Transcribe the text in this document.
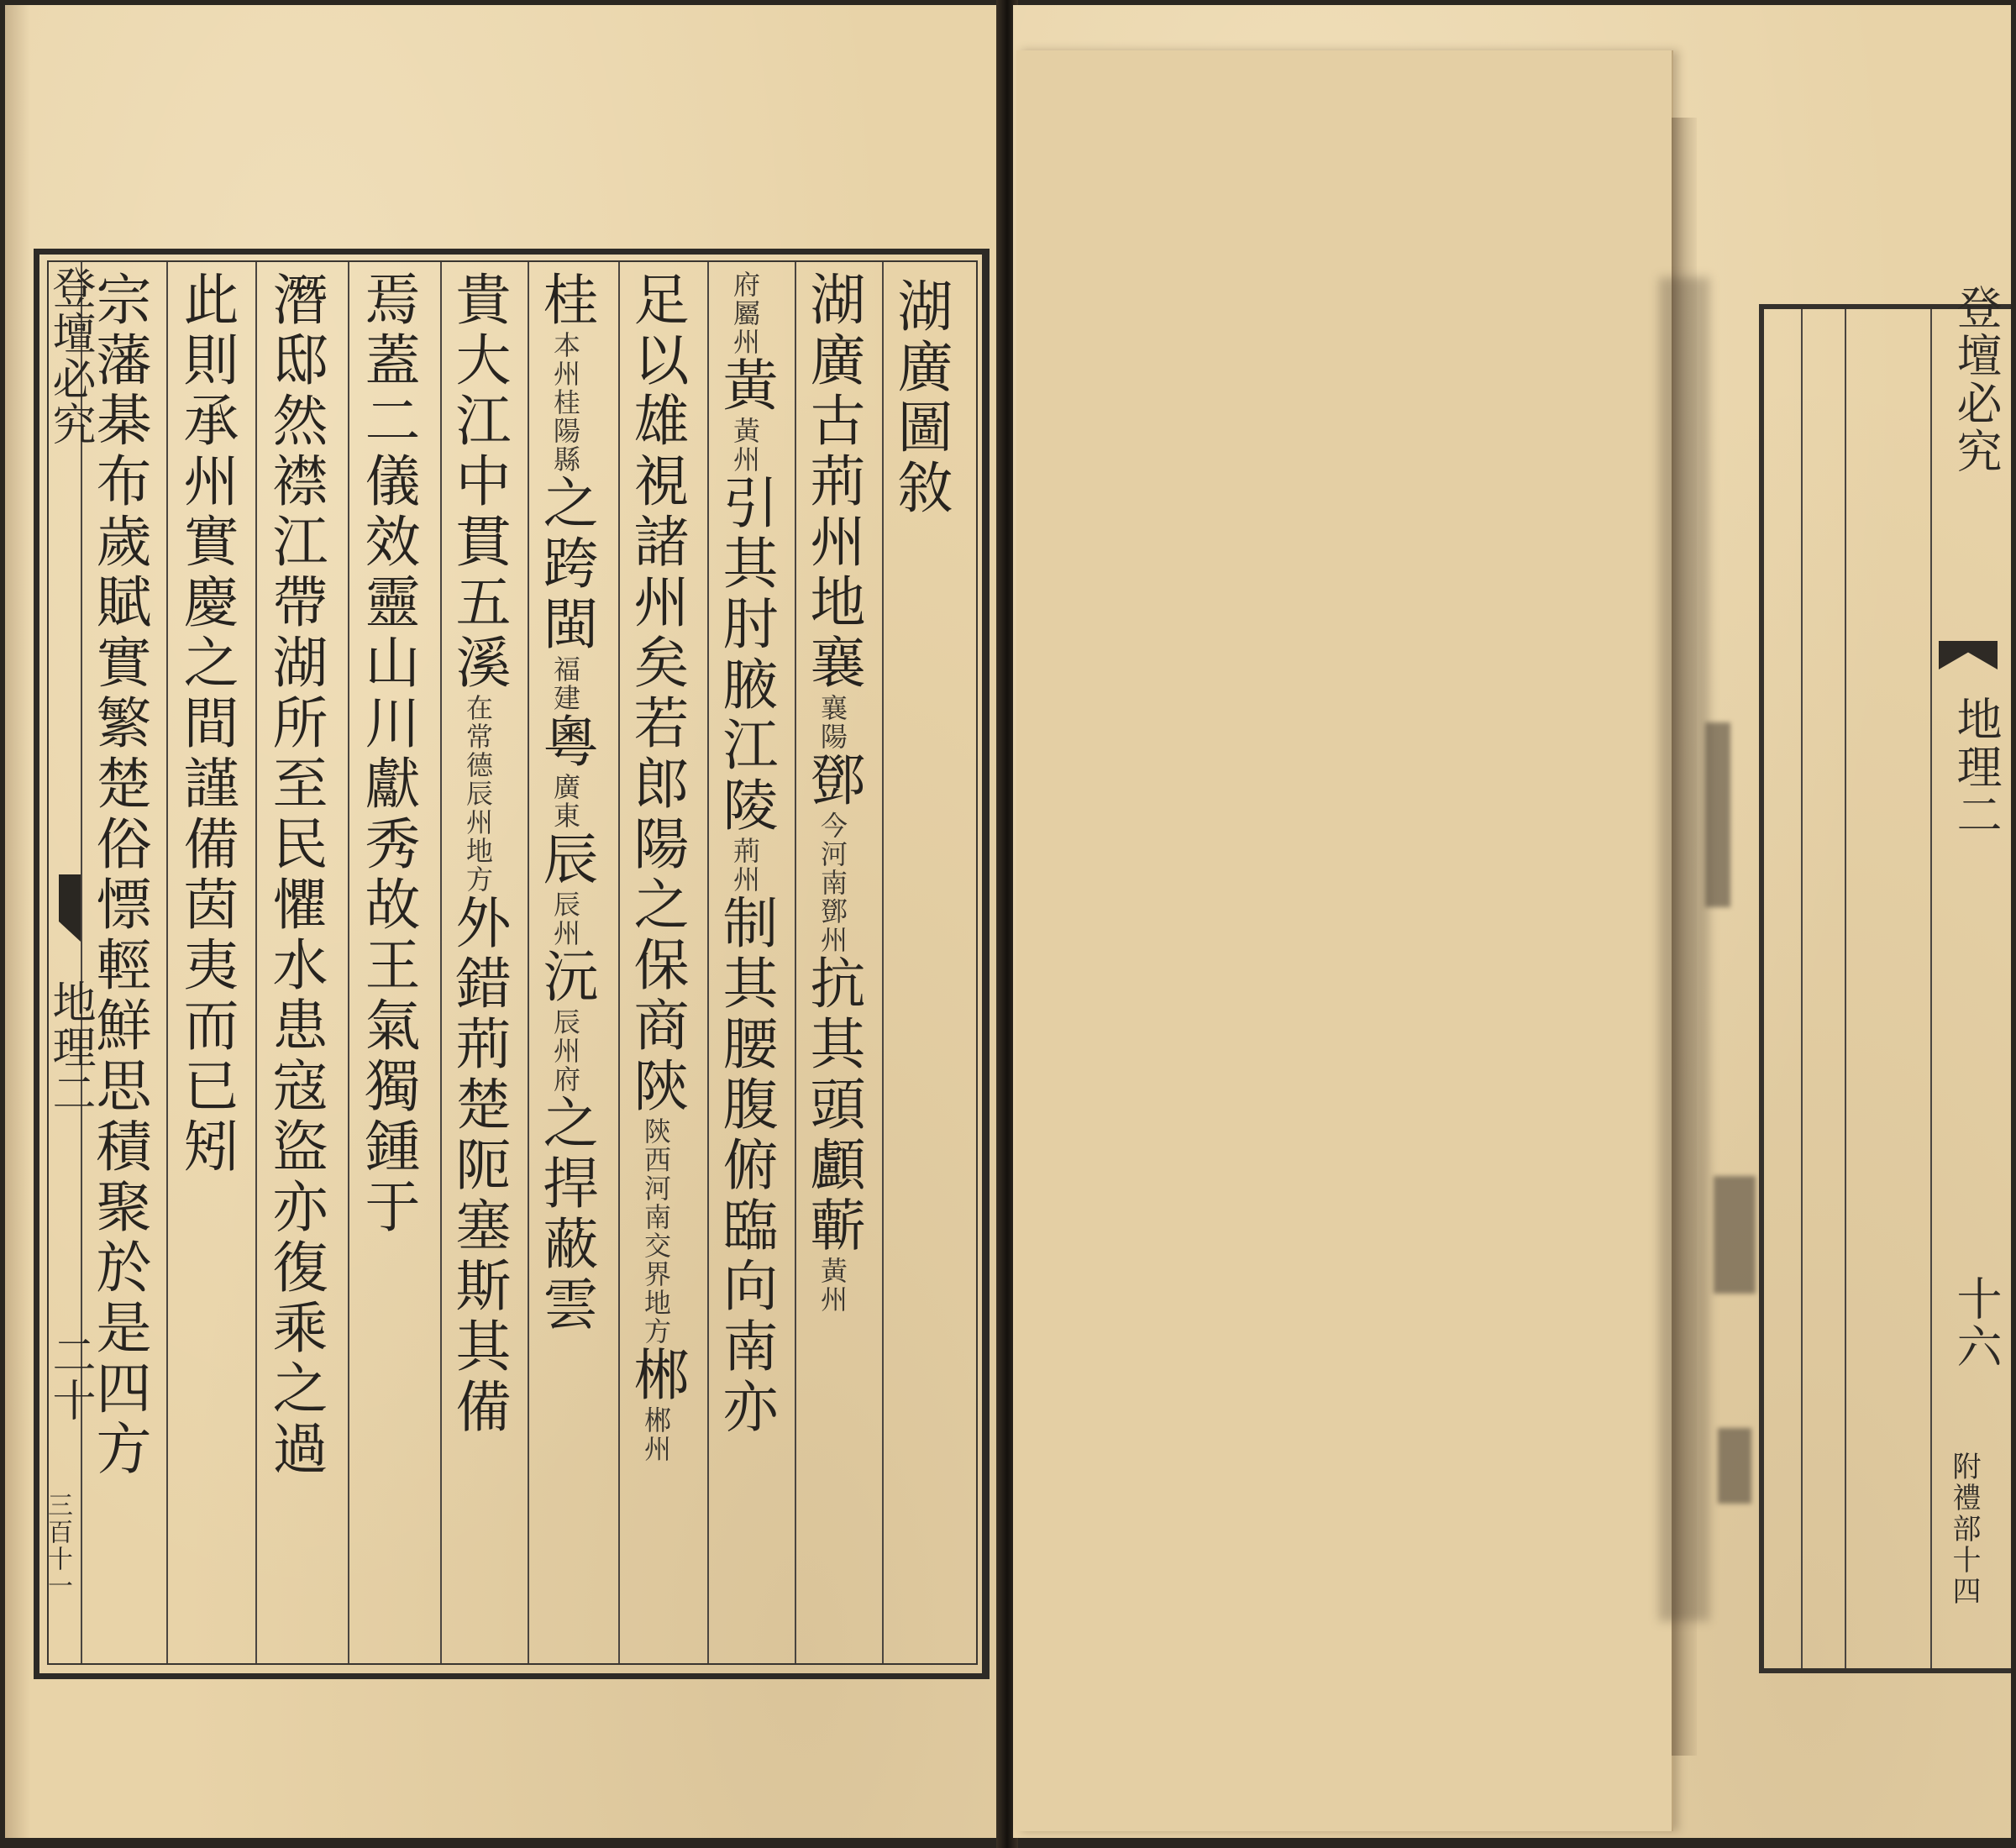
登壇必究
地理二
二十
三百十一
湖廣圖敘
湖廣古荊州地襄襄陽鄧今河南鄧州抗其頭顱蘄黃州
府屬州黃黃州引其肘腋江陵荊州制其腰腹俯臨向南亦
足以雄視諸州矣若郎陽之保商陝陝西河南交界地方郴郴州
桂本州桂陽縣之跨閩福建粵廣東辰辰州沅辰州府之捍蔽雲
貴大江中貫五溪在常德辰州地方外錯荊楚阨塞斯其備
焉蓋二儀效靈山川獻秀故王氣獨鍾于
潛邸然襟江帶湖所至民懼水患寇盜亦復乘之過
此則承州實慶之間謹備茵夷而已矧
宗藩棊布歲賦實繁楚俗慓輕鮮思積聚於是四方	登壇必究
地理二
十六
附禮部十四
